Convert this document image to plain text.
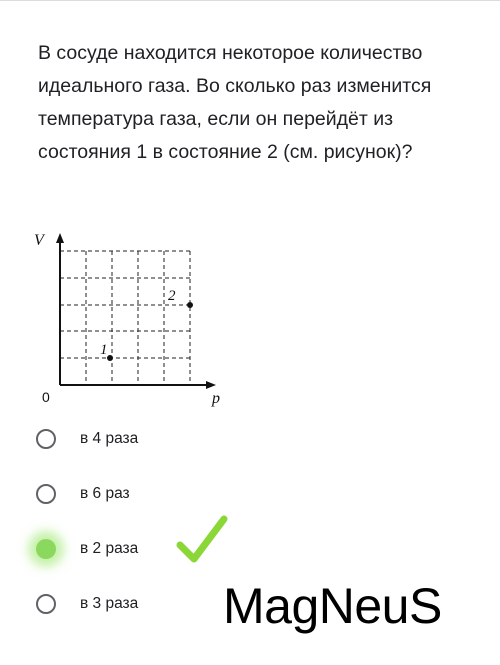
В сосуде находится некоторое количество идеального газа. Во сколько раз изменится температура газа, если он перейдёт из состояния 1 в состояние 2 (см. рисунок)?

V
p
0
1
2
в 4 раза
в 6 раз
в 2 раза
в 3 раза MagNeuS
